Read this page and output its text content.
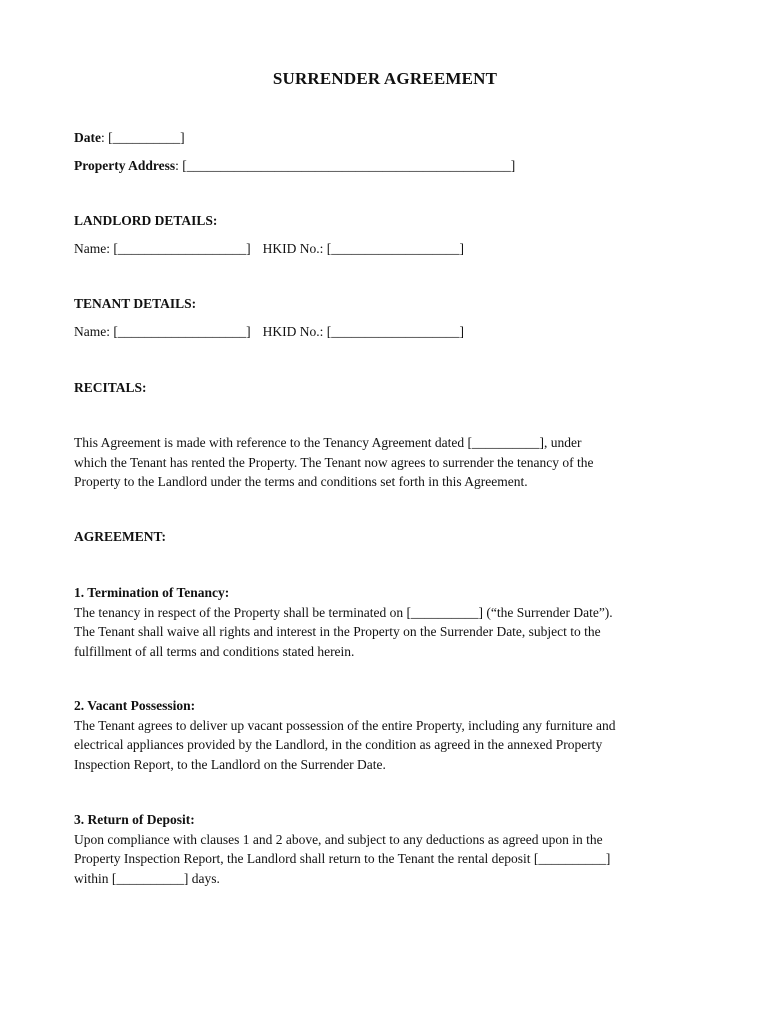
SURRENDER AGREEMENT
Date: [__________]
Property Address: [________________________________________________]
LANDLORD DETAILS:
Name: [___________________] HKID No.: [___________________]
TENANT DETAILS:
Name: [___________________] HKID No.: [___________________]
RECITALS:
This Agreement is made with reference to the Tenancy Agreement dated [__________], under
which the Tenant has rented the Property. The Tenant now agrees to surrender the tenancy of the
Property to the Landlord under the terms and conditions set forth in this Agreement.
AGREEMENT:
1. Termination of Tenancy:
The tenancy in respect of the Property shall be terminated on [__________] (“the Surrender Date”).
The Tenant shall waive all rights and interest in the Property on the Surrender Date, subject to the
fulfillment of all terms and conditions stated herein.
2. Vacant Possession:
The Tenant agrees to deliver up vacant possession of the entire Property, including any furniture and
electrical appliances provided by the Landlord, in the condition as agreed in the annexed Property
Inspection Report, to the Landlord on the Surrender Date.
3. Return of Deposit:
Upon compliance with clauses 1 and 2 above, and subject to any deductions as agreed upon in the
Property Inspection Report, the Landlord shall return to the Tenant the rental deposit [__________]
within [__________] days.
